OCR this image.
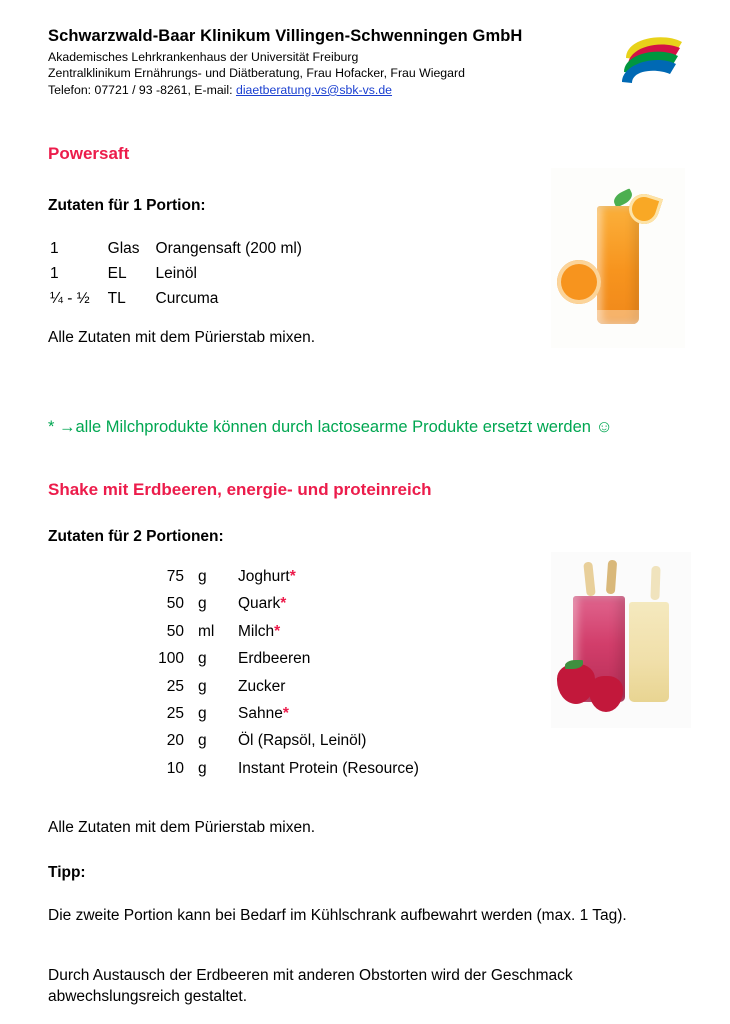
Schwarzwald-Baar Klinikum Villingen-Schwenningen GmbH

Akademisches Lehrkrankenhaus der Universität Freiburg

Zentralklinikum Ernährungs- und Diätberatung, Frau Hofacker, Frau Wiegard

Telefon: 07721 / 93 -8261, E-mail: diaetberatung.vs@sbk-vs.de

Powersaft

Zutaten für 1 Portion:

1	Glas	Orangensaft (200 ml)
1	EL	Leinöl
¼ - ½	TL	Curcuma

Alle Zutaten mit dem Pürierstab mixen.

* →alle Milchprodukte können durch lactosearme Produkte ersetzt werden ☺

Shake mit Erdbeeren, energie- und proteinreich

Zutaten für 2 Portionen:

75	g	Joghurt*
50	g	Quark*
50	ml	Milch*
100	g	Erdbeeren
25	g	Zucker
25	g	Sahne*
20	g	Öl (Rapsöl, Leinöl)
10	g	Instant Protein (Resource)

Alle Zutaten mit dem Pürierstab mixen.

Tipp:

Die zweite Portion kann bei Bedarf im Kühlschrank aufbewahrt werden (max. 1 Tag).

Durch Austausch der Erdbeeren mit anderen Obstorten wird der Geschmack abwechslungsreich gestaltet.
